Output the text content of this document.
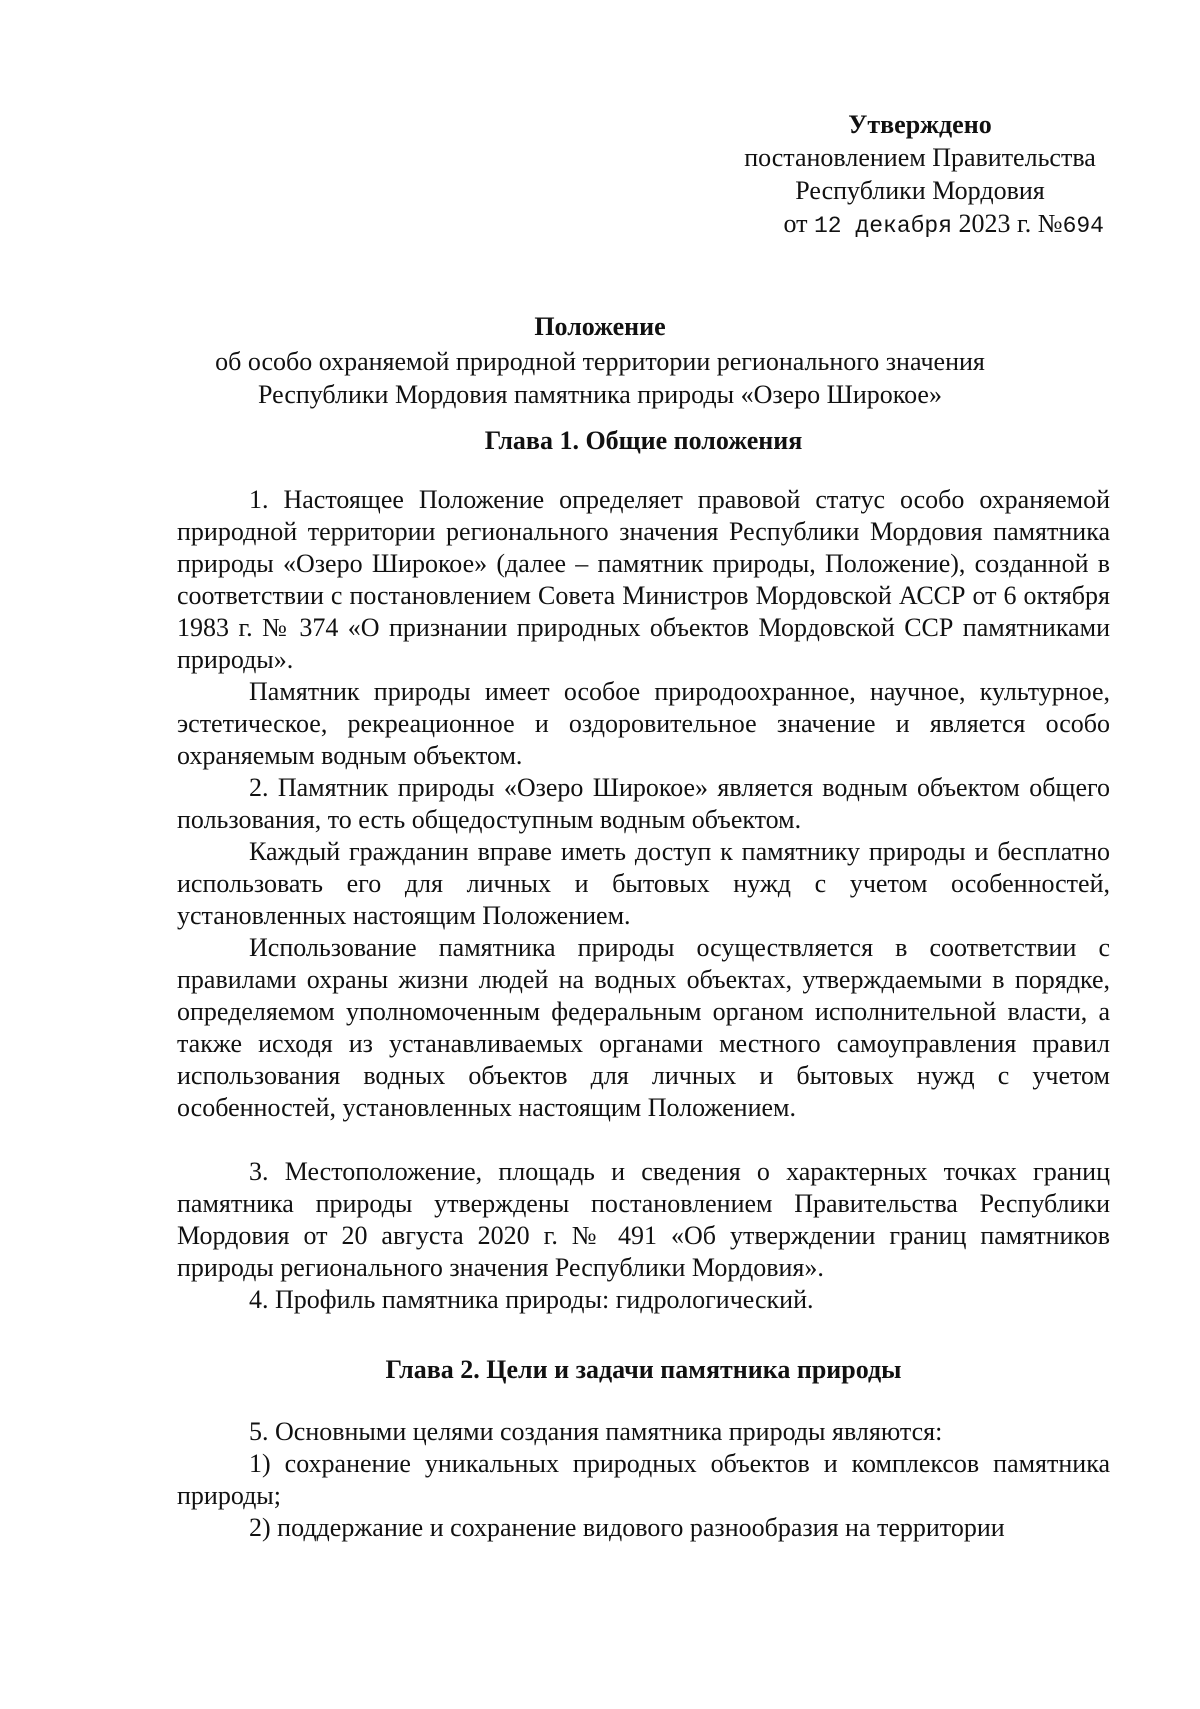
Утверждено
постановлением Правительства
Республики Мордовия
от 12 декабря 2023 г. №694
Положение
об особо охраняемой природной территории регионального значения
Республики Мордовия памятника природы «Озеро Широкое»
Глава 1. Общие положения

1. Настоящее Положение определяет правовой статус особо охраняемой природной территории регионального значения Республики Мордовия памятника природы «Озеро Широкое» (далее – памятник природы, Положение), созданной в соответствии с постановлением Совета Министров Мордовской АССР от 6 октября 1983 г. № 374 «О признании природных объектов Мордовской ССР памятниками природы».

Памятник природы имеет особое природоохранное, научное, культурное, эстетическое, рекреационное и оздоровительное значение и является особо охраняемым водным объектом.

2. Памятник природы «Озеро Широкое» является водным объектом общего пользования, то есть общедоступным водным объектом.

Каждый гражданин вправе иметь доступ к памятнику природы и бесплатно использовать его для личных и бытовых нужд с учетом особенностей, установленных настоящим Положением.

Использование памятника природы осуществляется в соответствии с правилами охраны жизни людей на водных объектах, утверждаемыми в порядке, определяемом уполномоченным федеральным органом исполнительной власти, а также исходя из устанавливаемых органами местного самоуправления правил использования водных объектов для личных и бытовых нужд с учетом особенностей, установленных настоящим Положением.

3. Местоположение, площадь и сведения о характерных точках границ памятника природы утверждены постановлением Правительства Республики Мордовия от 20 августа 2020 г. № 491 «Об утверждении границ памятников природы регионального значения Республики Мордовия».

4. Профиль памятника природы: гидрологический.

Глава 2. Цели и задачи памятника природы

5. Основными целями создания памятника природы являются:

1) сохранение уникальных природных объектов и комплексов памятника природы;

2) поддержание и сохранение видового разнообразия на территории
